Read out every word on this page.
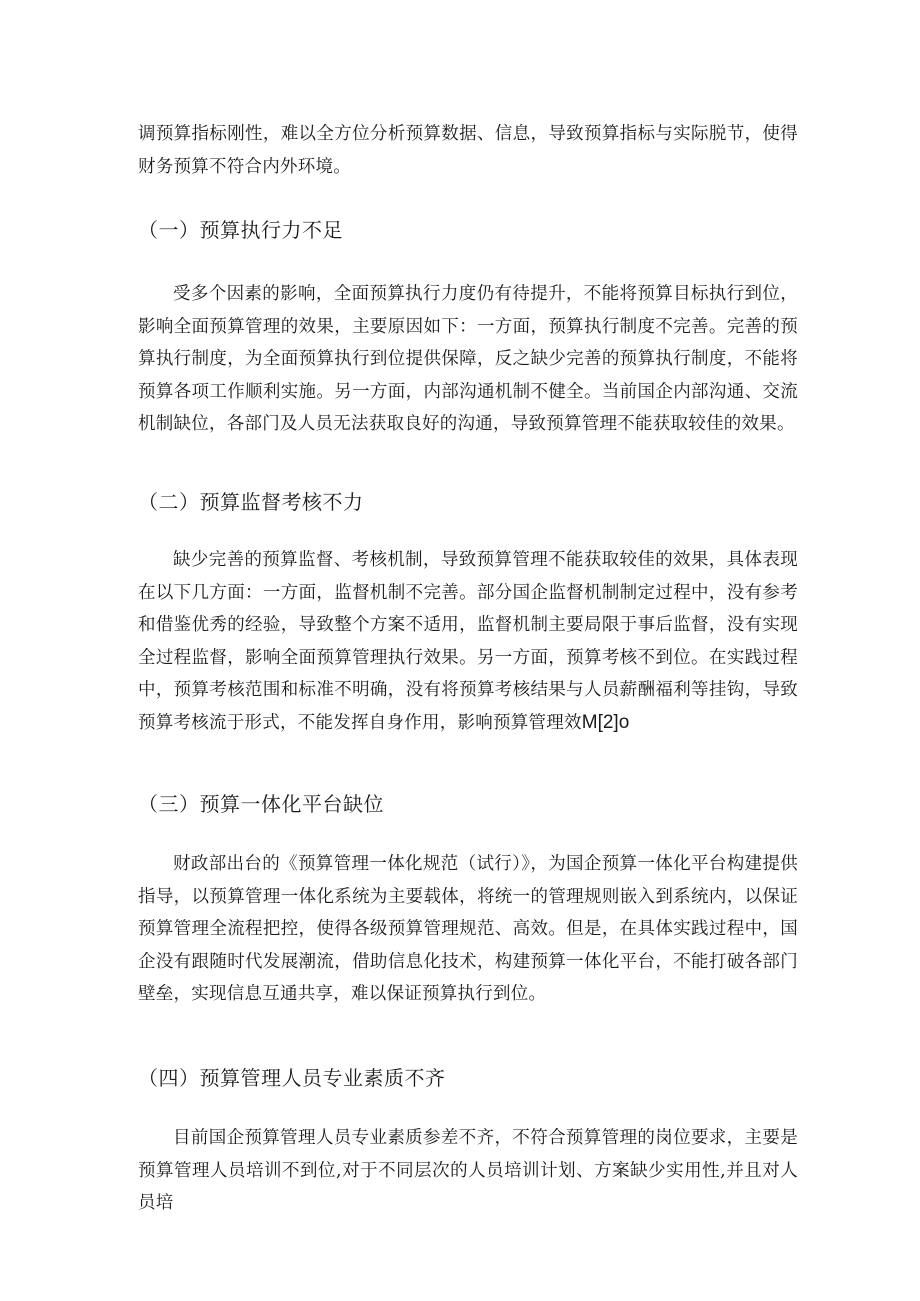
调预算指标刚性，难以全方位分析预算数据、信息，导致预算指标与实际脱节，使得财务预算不符合内外环境。

（一）预算执行力不足

受多个因素的影响，全面预算执行力度仍有待提升，不能将预算目标执行到位，影响全面预算管理的效果，主要原因如下：一方面，预算执行制度不完善。完善的预算执行制度，为全面预算执行到位提供保障，反之缺少完善的预算执行制度，不能将预算各项工作顺利实施。另一方面，内部沟通机制不健全。当前国企内部沟通、交流机制缺位，各部门及人员无法获取良好的沟通，导致预算管理不能获取较佳的效果。

（二）预算监督考核不力

缺少完善的预算监督、考核机制，导致预算管理不能获取较佳的效果，具体表现在以下几方面：一方面，监督机制不完善。部分国企监督机制制定过程中，没有参考和借鉴优秀的经验，导致整个方案不适用，监督机制主要局限于事后监督，没有实现全过程监督，影响全面预算管理执行效果。另一方面，预算考核不到位。在实践过程中，预算考核范围和标准不明确，没有将预算考核结果与人员薪酬福利等挂钩，导致预算考核流于形式，不能发挥自身作用，影响预算管理效M[2]o

（三）预算一体化平台缺位

财政部出台的《预算管理一体化规范（试行）》，为国企预算一体化平台构建提供指导，以预算管理一体化系统为主要载体，将统一的管理规则嵌入到系统内，以保证预算管理全流程把控，使得各级预算管理规范、高效。但是，在具体实践过程中，国企没有跟随时代发展潮流，借助信息化技术，构建预算一体化平台，不能打破各部门壁垒，实现信息互通共享，难以保证预算执行到位。

（四）预算管理人员专业素质不齐

目前国企预算管理人员专业素质参差不齐，不符合预算管理的岗位要求，主要是预算管理人员培训不到位,对于不同层次的人员培训计划、方案缺少实用性,并且对人员培
